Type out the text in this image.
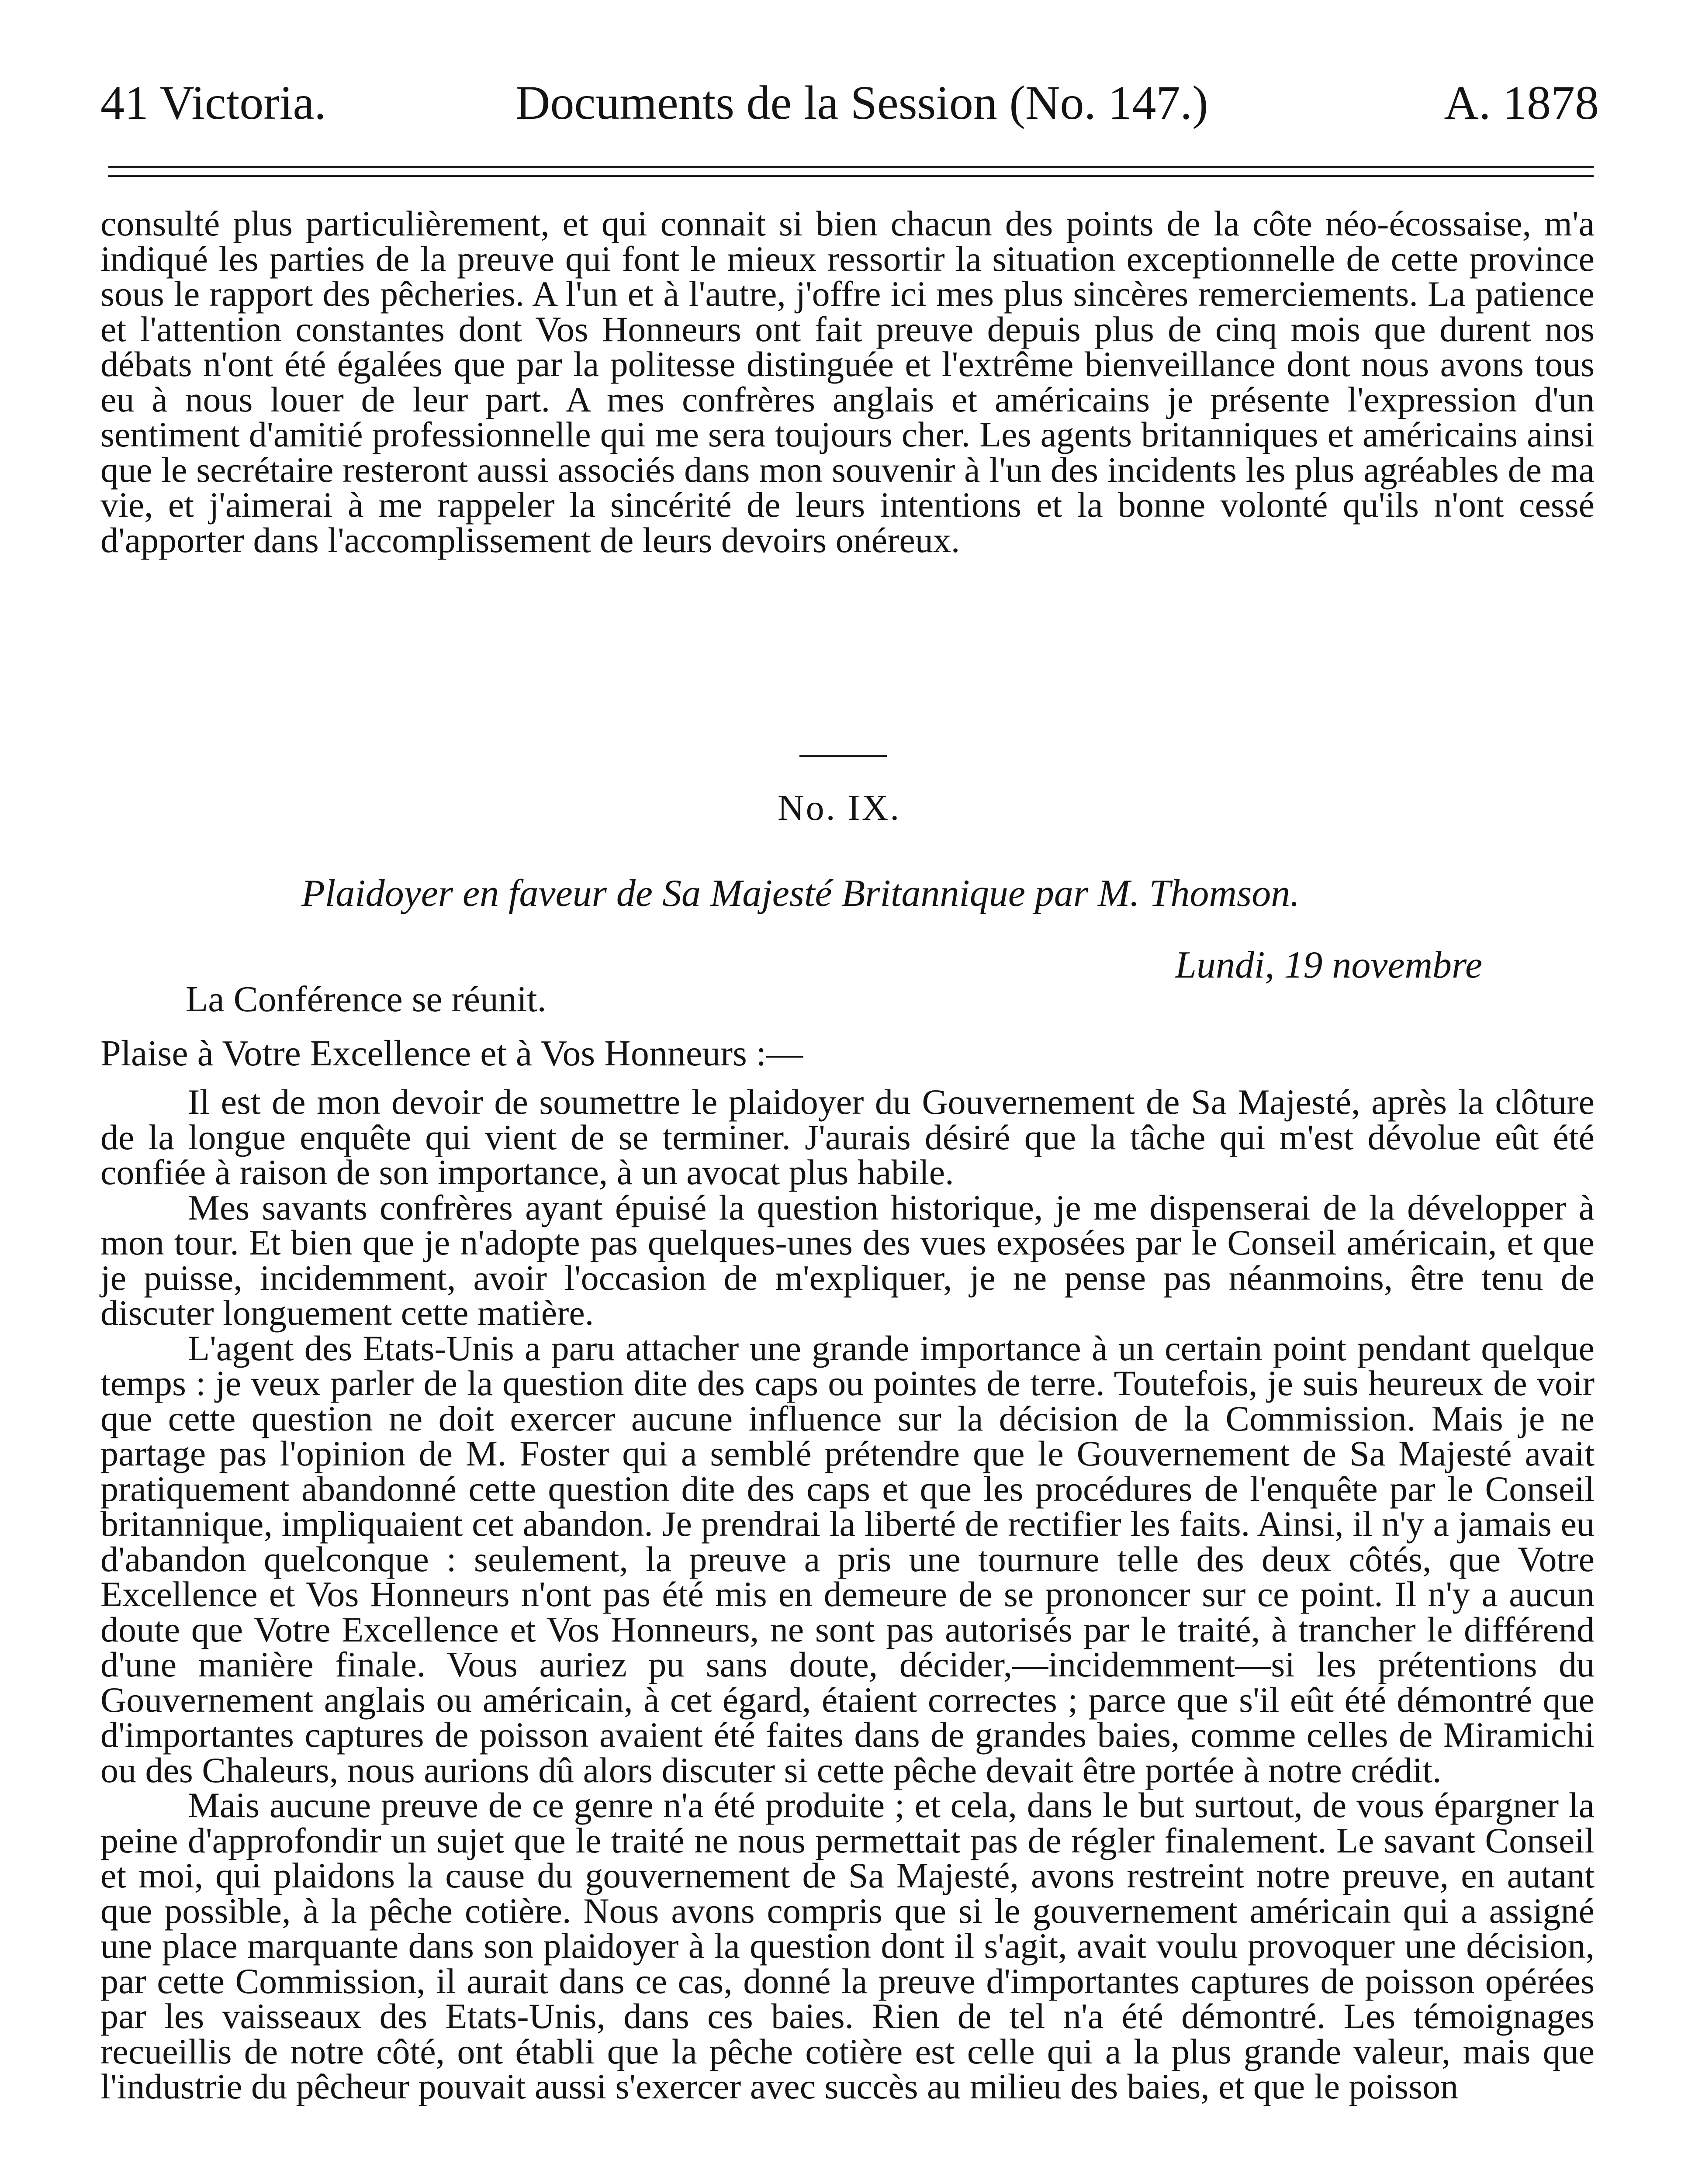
41 Victoria.	Documents de la Session (No. 147.)	A. 1878

consulté plus particulièrement, et qui connait si bien chacun des points de la côte néo-écossaise, m'a indiqué les parties de la preuve qui font le mieux ressortir la situation exceptionnelle de cette province sous le rapport des pêcheries. A l'un et à l'autre, j'offre ici mes plus sincères remerciements. La patience et l'attention constantes dont Vos Honneurs ont fait preuve depuis plus de cinq mois que durent nos débats n'ont été égalées que par la politesse distinguée et l'extrême bienveillance dont nous avons tous eu à nous louer de leur part. A mes confrères anglais et américains je présente l'expression d'un sentiment d'amitié professionnelle qui me sera toujours cher. Les agents britanniques et américains ainsi que le secrétaire resteront aussi associés dans mon souvenir à l'un des incidents les plus agréables de ma vie, et j'aimerai à me rappeler la sincérité de leurs intentions et la bonne volonté qu'ils n'ont cessé d'apporter dans l'accomplissement de leurs devoirs onéreux.

No. IX.
Plaidoyer en faveur de Sa Majesté Britannique par M. Thomson.
Lundi, 19 novembre
La Conférence se réunit.
Plaise à Votre Excellence et à Vos Honneurs :—

Il est de mon devoir de soumettre le plaidoyer du Gouvernement de Sa Majesté, après la clôture de la longue enquête qui vient de se terminer. J'aurais désiré que la tâche qui m'est dévolue eût été confiée à raison de son importance, à un avocat plus habile.

Mes savants confrères ayant épuisé la question historique, je me dispenserai de la développer à mon tour. Et bien que je n'adopte pas quelques-unes des vues exposées par le Conseil américain, et que je puisse, incidemment, avoir l'occasion de m'expliquer, je ne pense pas néanmoins, être tenu de discuter longuement cette matière.

L'agent des Etats-Unis a paru attacher une grande importance à un certain point pendant quelque temps : je veux parler de la question dite des caps ou pointes de terre. Toutefois, je suis heureux de voir que cette question ne doit exercer aucune influence sur la décision de la Commission. Mais je ne partage pas l'opinion de M. Foster qui a semblé prétendre que le Gouvernement de Sa Majesté avait pratiquement abandonné cette question dite des caps et que les procédures de l'enquête par le Conseil britannique, impliquaient cet abandon. Je prendrai la liberté de rectifier les faits. Ainsi, il n'y a jamais eu d'abandon quelconque : seulement, la preuve a pris une tournure telle des deux côtés, que Votre Excellence et Vos Honneurs n'ont pas été mis en demeure de se prononcer sur ce point. Il n'y a aucun doute que Votre Excellence et Vos Honneurs, ne sont pas autorisés par le traité, à trancher le différend d'une manière finale. Vous auriez pu sans doute, décider,—incidemment—si les prétentions du Gouvernement anglais ou américain, à cet égard, étaient correctes ; parce que s'il eût été démontré que d'importantes captures de poisson avaient été faites dans de grandes baies, comme celles de Miramichi ou des Chaleurs, nous aurions dû alors discuter si cette pêche devait être portée à notre crédit.

Mais aucune preuve de ce genre n'a été produite ; et cela, dans le but surtout, de vous épargner la peine d'approfondir un sujet que le traité ne nous permettait pas de régler finalement. Le savant Conseil et moi, qui plaidons la cause du gouvernement de Sa Majesté, avons restreint notre preuve, en autant que possible, à la pêche cotière. Nous avons compris que si le gouvernement américain qui a assigné une place marquante dans son plaidoyer à la question dont il s'agit, avait voulu provoquer une décision, par cette Commission, il aurait dans ce cas, donné la preuve d'importantes captures de poisson opérées par les vaisseaux des Etats-Unis, dans ces baies. Rien de tel n'a été démontré. Les témoignages recueillis de notre côté, ont établi que la pêche cotière est celle qui a la plus grande valeur, mais que l'industrie du pêcheur pouvait aussi s'exercer avec succès au milieu des baies, et que le poisson
